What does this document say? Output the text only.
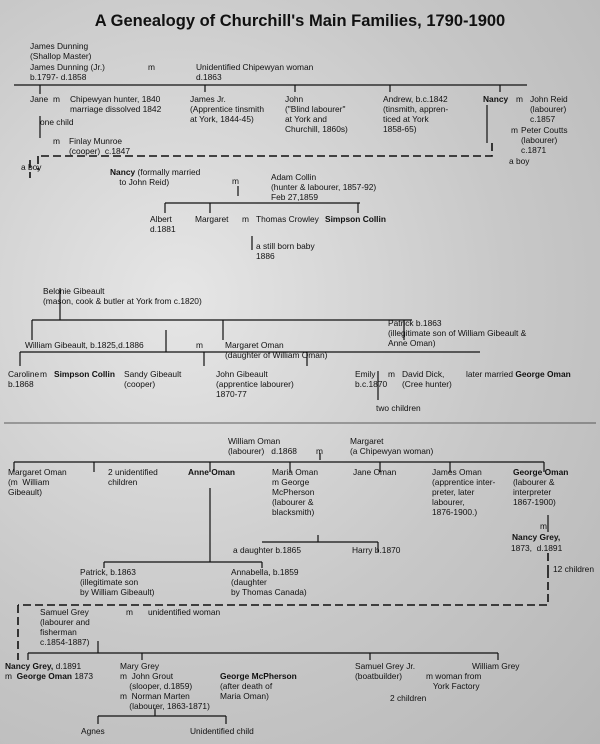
A Genealogy of Churchill's Main Families, 1790-1900
James Dunning
(Shallop Master)
James Dunning (Jr.)
b.1797- d.1858
m	Unidentified Chipewyan woman
d.1863
Jane m Chipewyan hunter, 1840
marriage dissolved 1842
one child
m Finlay Munroe
(cooper)  c.1847
a boy
James Jr.
(Apprentice tinsmith
at York, 1844-45)
John
("Blind labourer"
at York and
Churchill, 1860s)
Andrew, b.c.1842
(tinsmith, appren-
ticed at York
1858-65)
Nancy m John Reid
(labourer)
c.1857
m Peter Coutts
(labourer)
c.1871
a boy
Nancy (formally married
to John Reid)	m	Adam Collin
(hunter & labourer, 1857-92)
Feb 27,1859
Albert
d.1881
Margaret m Thomas Crowley
a still born baby
1886
Simpson Collin
Belonie Gibeault
(mason, cook & butler at York from c.1820)
Patrick b.1863
(illegitimate son of William Gibeault &
Anne Oman)
William Gibeault, b.1825,d.1886	m	Margaret Oman
(daughter of William Oman)
Caroline
b.1868
m Simpson Collin Sandy Gibeault
(cooper)
John Gibeault
(apprentice labourer)
1870-77
Emily
b.c.1870
m David Dick,
(Cree hunter)
later married George Oman
two children
William Oman
(labourer)   d.1868 m
Margaret
(a Chipewyan woman)
Margaret Oman
(m  William
Gibeault)
2 unidentified
children
Anne Oman	Maria Oman
m George
McPherson
(labourer &
blacksmith)
Jane Oman	James Oman
(apprentice inter-
preter, later
labourer,
1876-1900.)
George Oman
(labourer &
interpreter
1867-1900)
a daughter b.1865	Harry b.1870
m
Nancy Grey,
1873,  d.1891
12 children
Patrick, b.1863
(illegitimate son
by William Gibeault)
Annabella, b.1859
(daughter
by Thomas Canada)
Samuel Grey
(labourer and
fisherman
c.1854-1887)
m unidentified woman
Nancy Grey, d.1891
m  George Oman 1873
Mary Grey
m  John Grout
(slooper, d.1859)
m  Norman Marten
(labourer, 1863-1871)
George McPherson
(after death of
Maria Oman)
Samuel Grey Jr.
(boatbuilder)	m woman from
York Factory
2 children
William Grey
Agnes	Unidentified child
